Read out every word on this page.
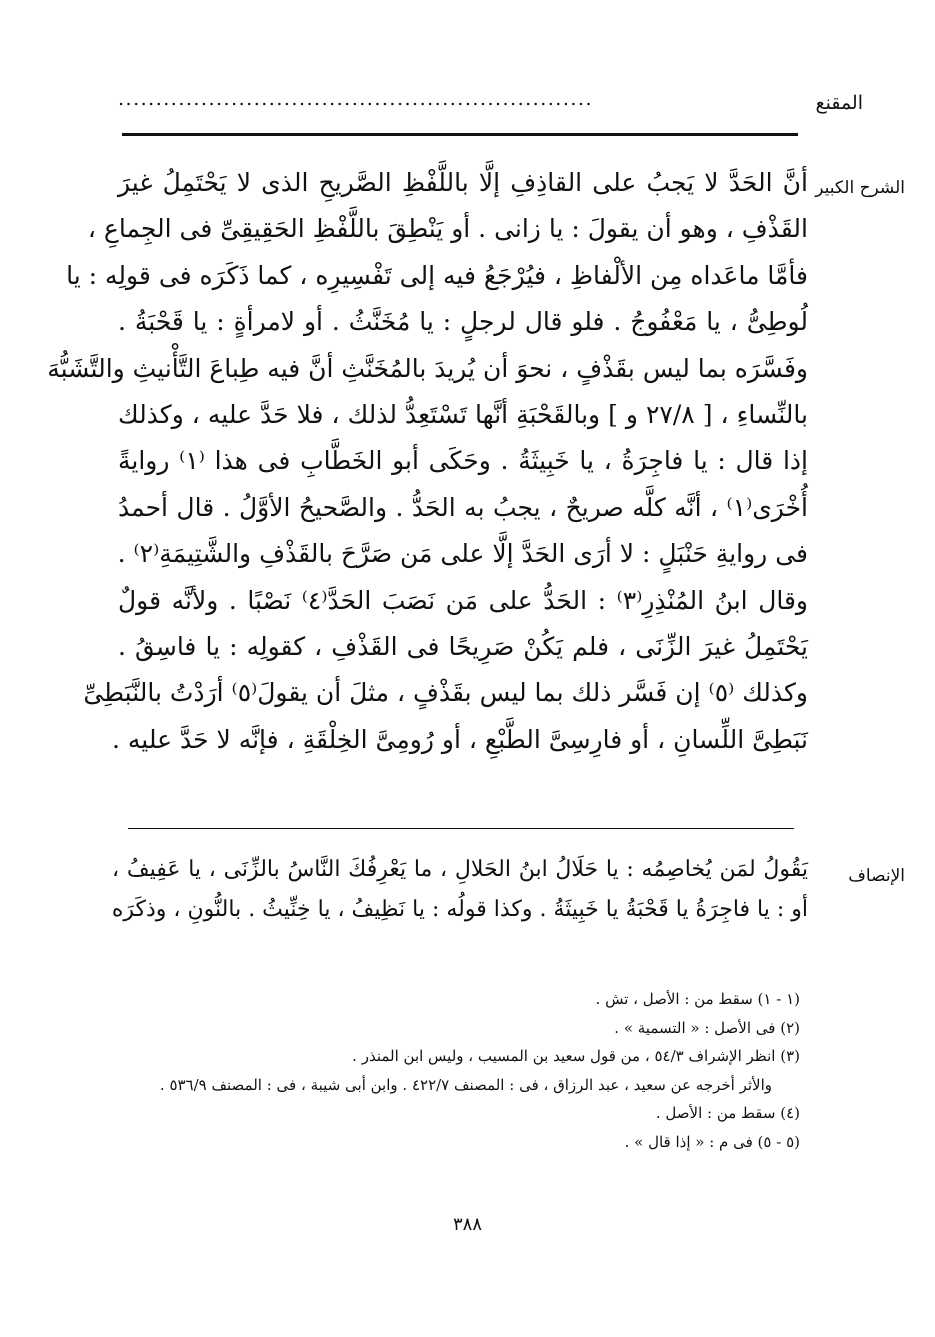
المقنع
...............................................................
الشرح الكبير
أنَّ الحَدَّ لا يَجبُ على القاذِفِ إلَّا باللَّفْظِ الصَّريحِ الذى لا يَحْتَمِلُ غيرَ
القَذْفِ ، وهو أن يقولَ : يا زانى . أو يَنْطِقَ باللَّفْظِ الحَقِيقِىِّ فى الجِماعِ ،
فأمَّا ماعَداه مِن الألْفاظِ ، فيُرْجَعُ فيه إلى تَفْسِيرِه ، كما ذَكَرَه فى قولِه : يا
لُوطِىُّ ، يا مَعْفُوجُ . فلو قال لرجلٍ : يا مُخَنَّثُ . أو لامرأةٍ : يا قَحْبَةُ .
وفَسَّرَه بما ليس بقَذْفٍ ، نحوَ أن يُريدَ بالمُخَنَّثِ أنَّ فيه طِباعَ التَّأْنيثِ والتَّشَبُّهَ
بالنِّساءِ ، [ ٢٧/٨ و ] وبالقَحْبَةِ أنَّها تَسْتَعِدُّ لذلك ، فلا حَدَّ عليه ، وكذلك
إذا قال : يا فاجِرَةُ ، يا خَبِيثَةُ . وحَكَى أبو الخَطَّابِ فى هذا ⁽١⁾ روايةً
أُخْرَى⁽١⁾ ، أنَّه كلَّه صريحٌ ، يجبُ به الحَدُّ . والصَّحيحُ الأوَّلُ . قال أحمدُ
فى روايةِ حَنْبَلٍ : لا أرَى الحَدَّ إلَّا على مَن صَرَّحَ بالقَذْفِ والشَّتِيمَةِ⁽٢⁾ .
وقال ابنُ المُنْذِرِ⁽٣⁾ : الحَدُّ على مَن نَصَبَ الحَدَّ⁽٤⁾ نَصْبًا . ولأنَّه قولٌ
يَحْتَمِلُ غيرَ الزِّنَى ، فلم يَكُنْ صَرِيحًا فى القَذْفِ ، كقولِه : يا فاسِقُ .
وكذلك ⁽٥⁾ إن فَسَّر ذلك بما ليس بقَذْفٍ ، مثلَ أن يقولَ⁽٥⁾ أرَدْتُ بالنَّبَطِىِّ
نَبَطِىَّ اللِّسانِ ، أو فارِسِىَّ الطَّبْعِ ، أو رُومِىَّ الخِلْقَةِ ، فإنَّه لا حَدَّ عليه .
الإنصاف
يَقُولُ لمَن يُخاصِمُه : يا حَلَالُ ابنُ الحَلالِ ، ما يَعْرِفُكَ النَّاسُ بالزِّنَى ، يا عَفِيفُ ،
أو : يا فاجِرَةُ يا قَحْبَةُ يا خَبِيثَةُ . وكذا قولُه : يا نَظِيفُ ، يا خِنِّيثُ . بالنُّونِ ، وذكَرَه
(١ - ١) سقط من : الأصل ، تش .
(٢) فى الأصل : « التسمية » .
(٣) انظر الإشراف ٥٤/٣ ، من قول سعيد بن المسيب ، وليس ابن المنذر .
والأثر أخرجه عن سعيد ، عبد الرزاق ، فى : المصنف ٤٢٢/٧ . وابن أبى شيبة ، فى : المصنف ٥٣٦/٩ .
(٤) سقط من : الأصل .
(٥ - ٥) فى م : « إذا قال » .
٣٨٨
